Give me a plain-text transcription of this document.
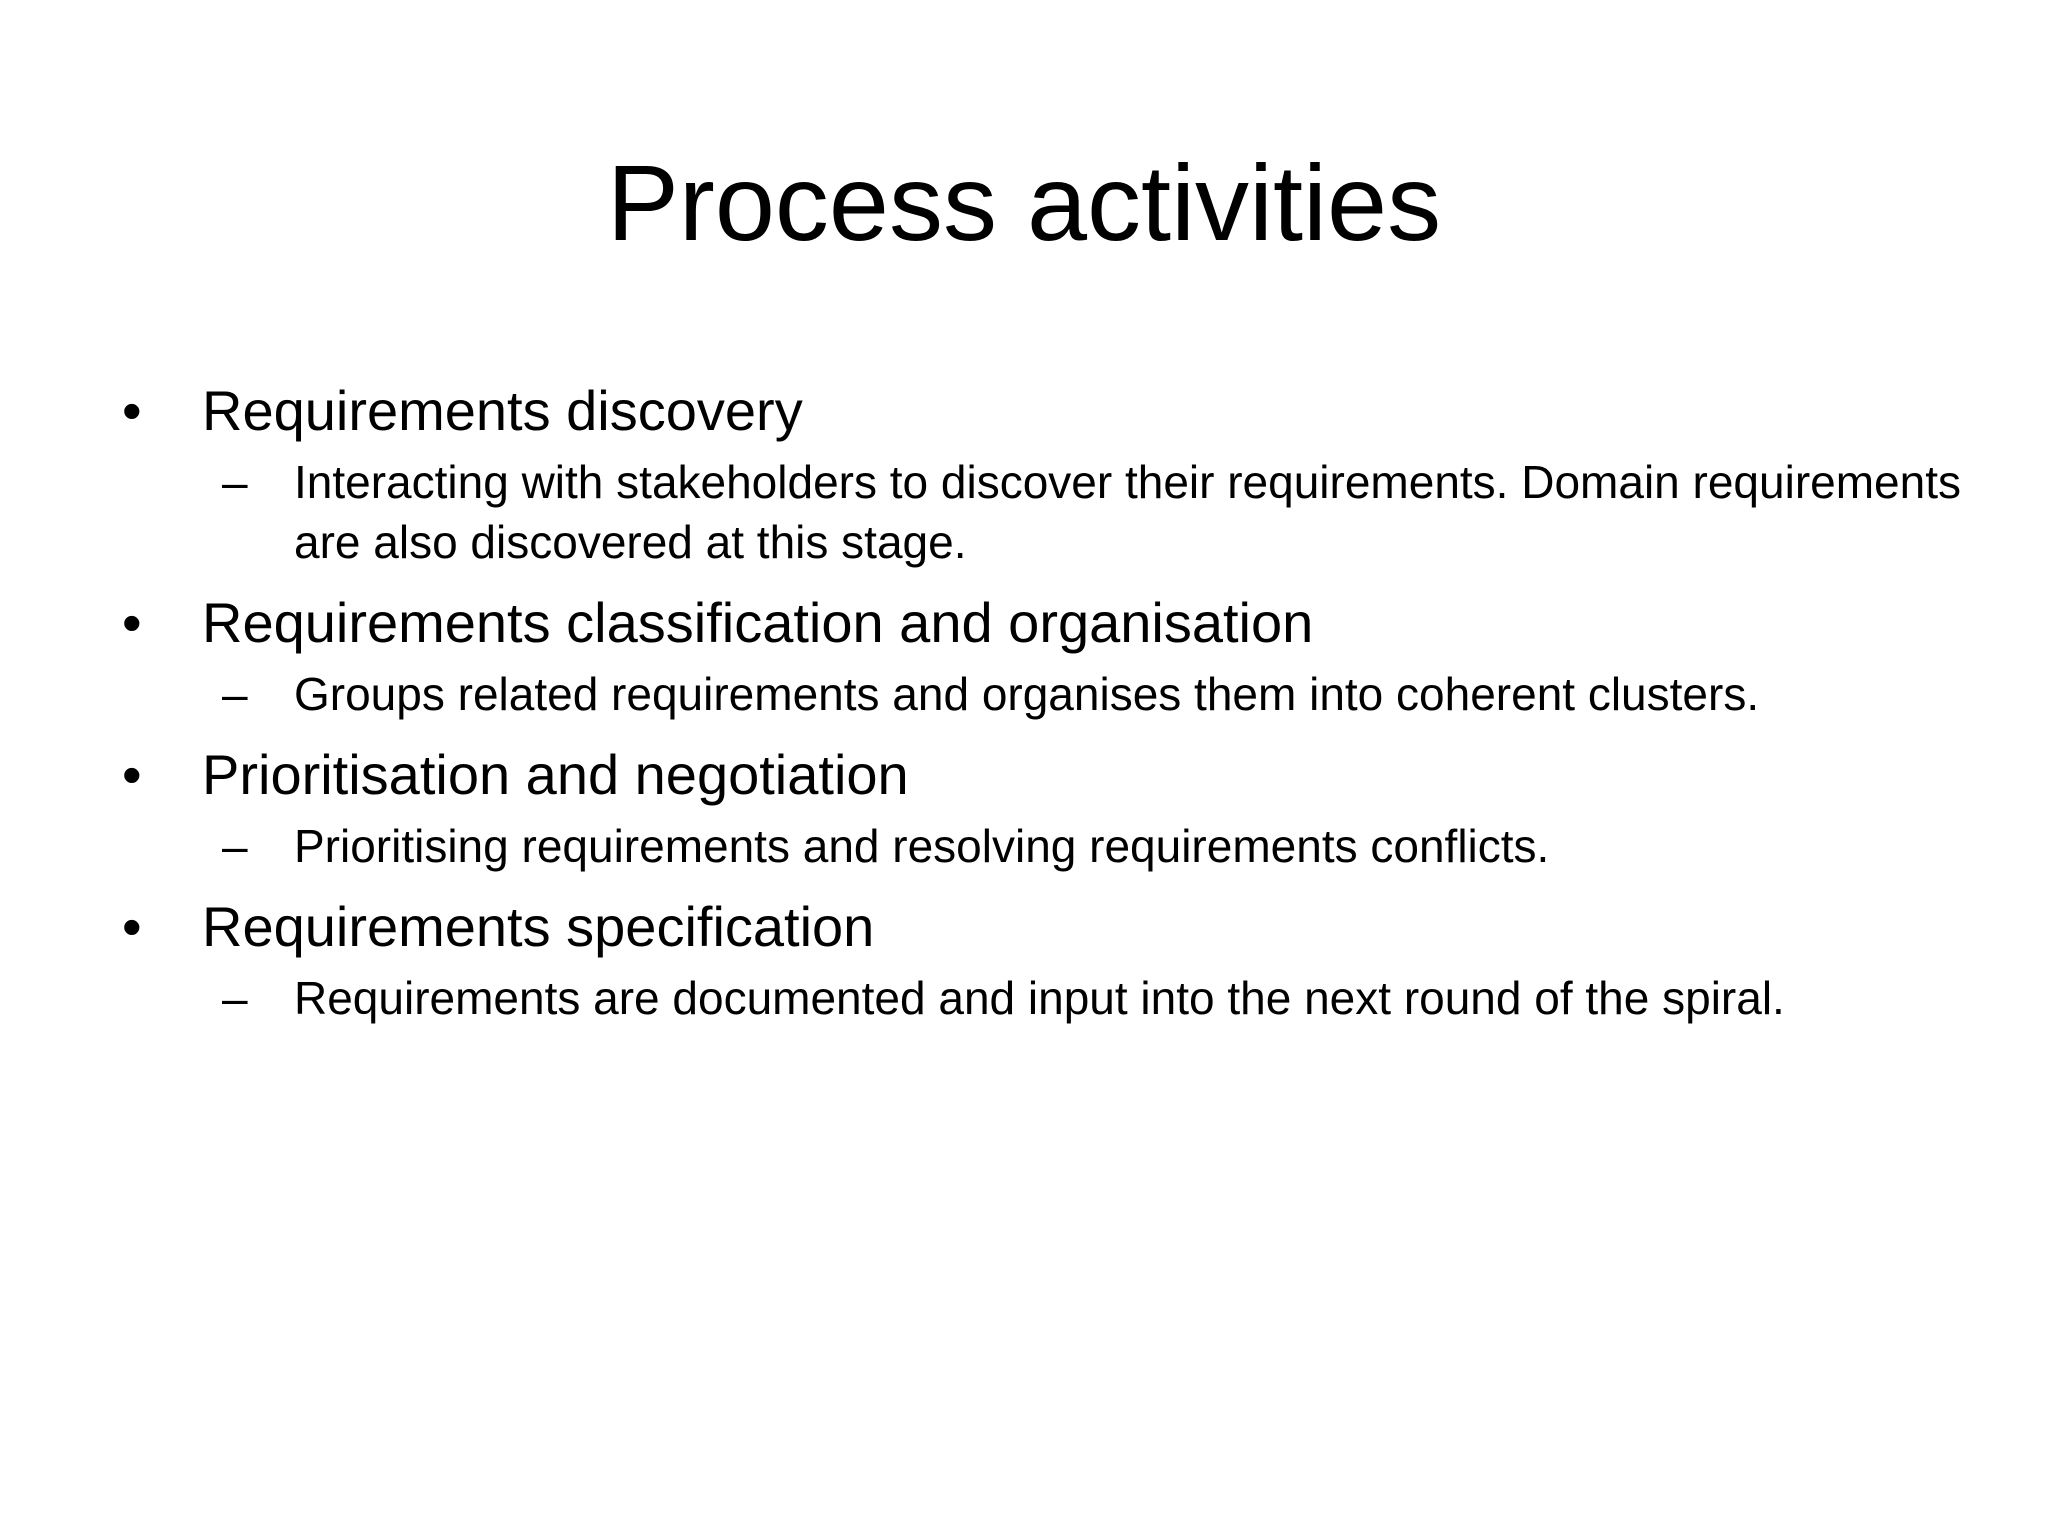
Process activities
•	Requirements discovery
–	Interacting with stakeholders to discover their requirements. Domain requirements are also discovered at this stage.
•	Requirements classification and organisation
–	Groups related requirements and organises them into coherent clusters.
•	Prioritisation and negotiation
–	Prioritising requirements and resolving requirements conflicts.
•	Requirements specification
–	Requirements are documented and input into the next round of the spiral.
